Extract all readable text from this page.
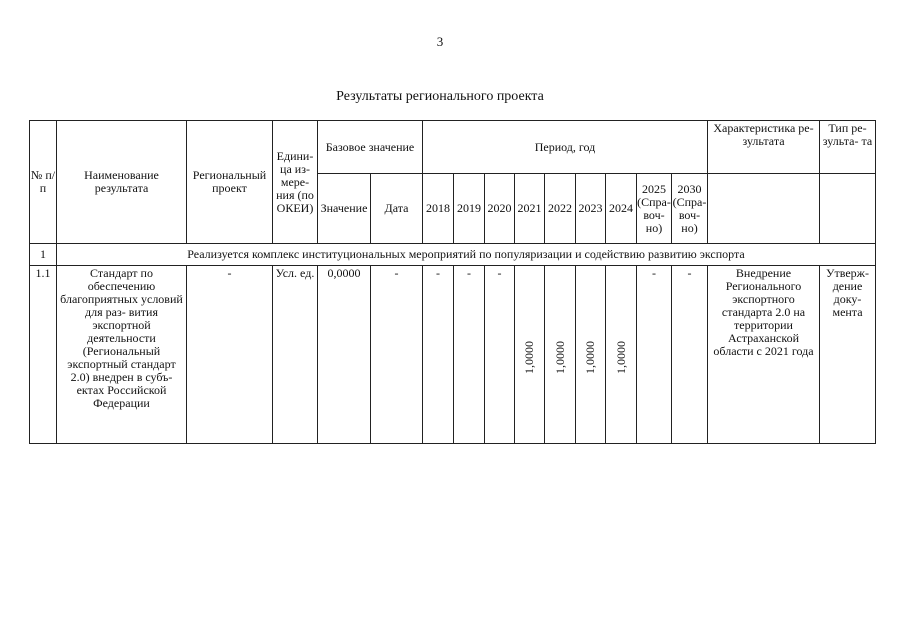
3
Результаты регионального проекта
№ п/п	Наименование результата	Региональный проект	Едини- ца из- мере- ния (по ОКЕИ)	Базовое значение		Период, год									Характеристика ре- зультата	Тип ре- зульта- та
				Значение	Дата	2018	2019	2020	2021	2022	2023	2024	2025 (Спра- воч- но)	2030 (Спра- воч- но)		
1	Реализуется комплекс институциональных мероприятий по популяризации и содействию развитию экспорта															
1.1	Стандарт по обеспечению благоприятных условий для раз- вития экспортной деятельности (Региональный экспортный стандарт 2.0) внедрен в субъ- ектах Российской Федерации	-	Усл. ед.	0,0000	-	-	-	-	1,0000	1,0000	1,0000	1,0000	-	-	Внедрение Регионального экспортного стандарта 2.0 на территории Астраханской области с 2021 года	Утверж- дение доку- мента
